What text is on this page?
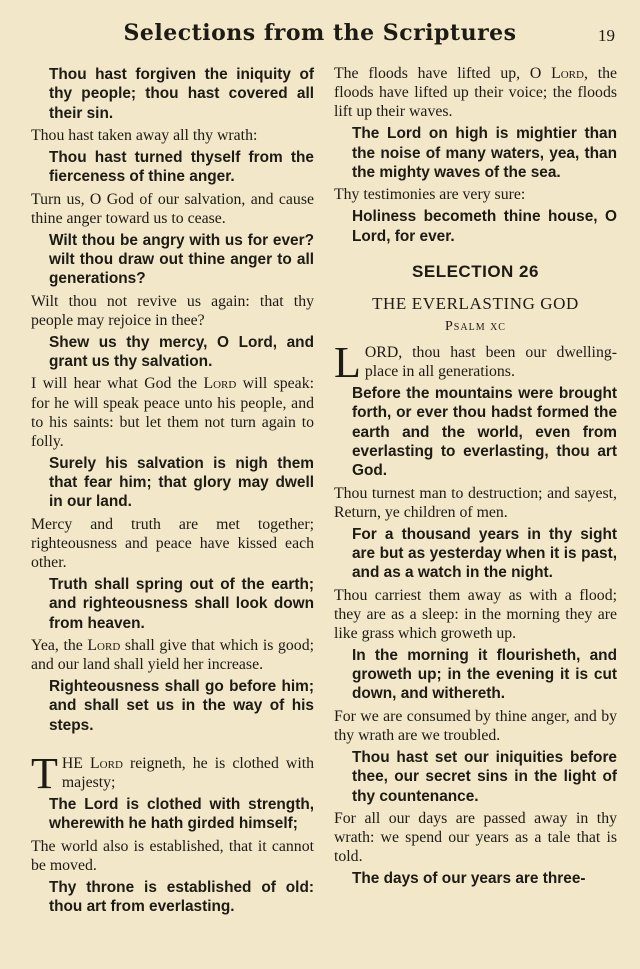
Selections from the Scriptures	19
Thou hast forgiven the iniquity of thy people; thou hast covered all their sin.
Thou hast taken away all thy wrath:
Thou hast turned thyself from the fierceness of thine anger.
Turn us, O God of our salvation, and cause thine anger toward us to cease.
Wilt thou be angry with us for ever? wilt thou draw out thine anger to all generations?
Wilt thou not revive us again: that thy people may rejoice in thee?
Shew us thy mercy, O Lord, and grant us thy salvation.
I will hear what God the Lord will speak: for he will speak peace unto his people, and to his saints: but let them not turn again to folly.
Surely his salvation is nigh them that fear him; that glory may dwell in our land.
Mercy and truth are met together; righteousness and peace have kissed each other.
Truth shall spring out of the earth; and righteousness shall look down from heaven.
Yea, the Lord shall give that which is good; and our land shall yield her increase.
Righteousness shall go before him; and shall set us in the way of his steps.
THE Lord reigneth, he is clothed with majesty;
The Lord is clothed with strength, wherewith he hath girded himself;
The world also is established, that it cannot be moved.
Thy throne is established of old: thou art from everlasting.
The floods have lifted up, O Lord, the floods have lifted up their voice; the floods lift up their waves.
The Lord on high is mightier than the noise of many waters, yea, than the mighty waves of the sea.
Thy testimonies are very sure:
Holiness becometh thine house, O Lord, for ever.
SELECTION 26
THE EVERLASTING GOD
Psalm xc
LORD, thou hast been our dwelling-place in all generations.
Before the mountains were brought forth, or ever thou hadst formed the earth and the world, even from everlasting to everlasting, thou art God.
Thou turnest man to destruction; and sayest, Return, ye children of men.
For a thousand years in thy sight are but as yesterday when it is past, and as a watch in the night.
Thou carriest them away as with a flood; they are as a sleep: in the morning they are like grass which groweth up.
In the morning it flourisheth, and groweth up; in the evening it is cut down, and withereth.
For we are consumed by thine anger, and by thy wrath are we troubled.
Thou hast set our iniquities before thee, our secret sins in the light of thy countenance.
For all our days are passed away in thy wrath: we spend our years as a tale that is told.
The days of our years are three-
